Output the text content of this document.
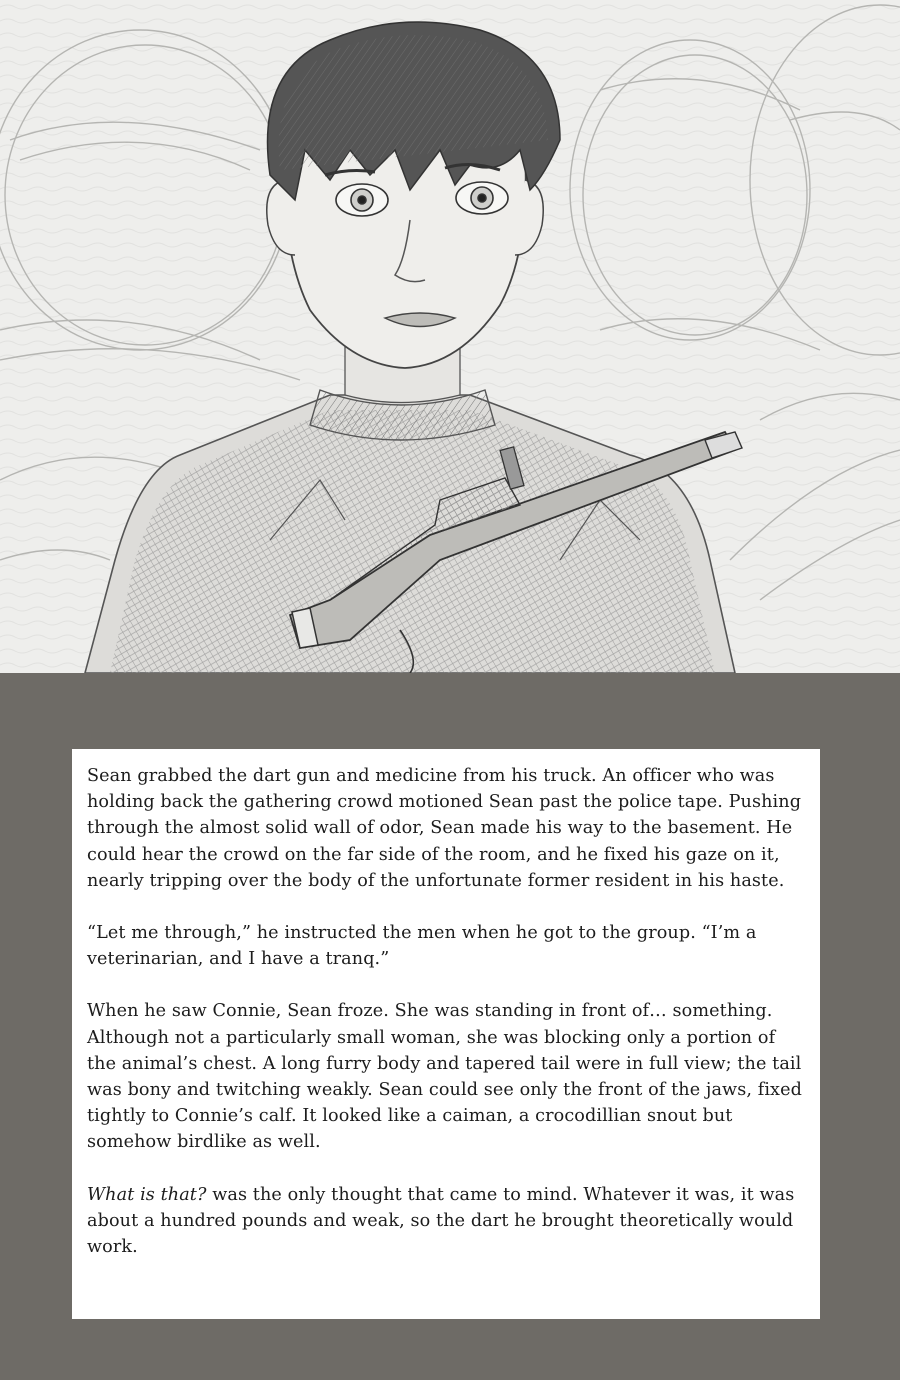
Sean grabbed the dart gun and medicine from his truck. An officer who was holding back the gathering crowd motioned Sean past the police tape. Pushing through the almost solid wall of odor, Sean made his way to the basement. He could hear the crowd on the far side of the room, and he fixed his gaze on it, nearly tripping over the body of the unfortunate former resident in his haste.

“Let me through,” he instructed the men when he got to the group. “I’m a veterinarian, and I have a tranq.”

When he saw Connie, Sean froze. She was standing in front of… something. Although not a particularly small woman, she was blocking only a portion of the animal’s chest. A long furry body and tapered tail were in full view; the tail was bony and twitching weakly. Sean could see only the front of the jaws, fixed tightly to Connie’s calf. It looked like a caiman, a crocodillian snout but somehow birdlike as well.

What is that? was the only thought that came to mind. Whatever it was, it was about a hundred pounds and weak, so the dart he brought theoretically would work.
